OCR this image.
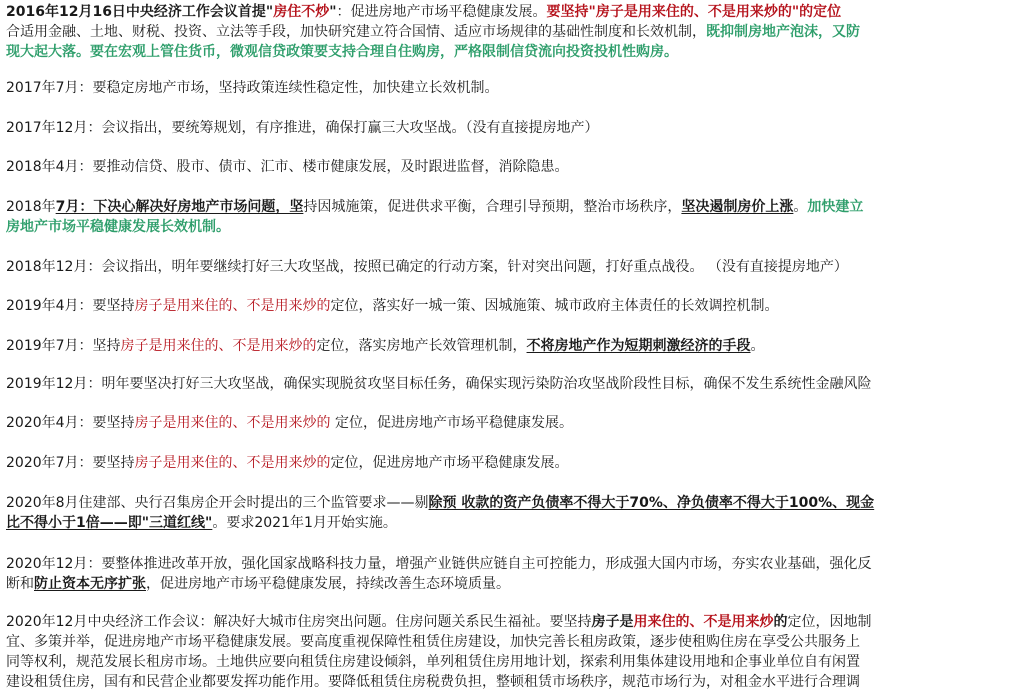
2016年12月16日中央经济工作会议首提"房住不炒"：促进房地产市场平稳健康发展。要坚持"房子是用来住的、不是用来炒的"的定位
合适用金融、土地、财税、投资、立法等手段，加快研究建立符合国情、适应市场规律的基础性制度和长效机制，既抑制房地产泡沫，又防
现大起大落。要在宏观上管住货币，微观信贷政策要支持合理自住购房，严格限制信贷流向投资投机性购房。
2017年7月：要稳定房地产市场，坚持政策连续性稳定性，加快建立长效机制。
2017年12月：会议指出，要统筹规划，有序推进，确保打赢三大攻坚战。（没有直接提房地产）
2018年4月：要推动信贷、股市、债市、汇市、楼市健康发展，及时跟进监督，消除隐患。
2018年7月：下决心解决好房地产市场问题，坚持因城施策，促进供求平衡，合理引导预期，整治市场秩序，坚决遏制房价上涨。加快建立
房地产市场平稳健康发展长效机制。
2018年12月：会议指出，明年要继续打好三大攻坚战，按照已确定的行动方案，针对突出问题，打好重点战役。 （没有直接提房地产）
2019年4月：要坚持房子是用来住的、不是用来炒的定位，落实好一城一策、因城施策、城市政府主体责任的长效调控机制。
2019年7月：坚持房子是用来住的、不是用来炒的定位，落实房地产长效管理机制，不将房地产作为短期刺激经济的手段。
2019年12月：明年要坚决打好三大攻坚战，确保实现脱贫攻坚目标任务，确保实现污染防治攻坚战阶段性目标，确保不发生系统性金融风险
2020年4月：要坚持房子是用来住的、不是用来炒的 定位，促进房地产市场平稳健康发展。
2020年7月：要坚持房子是用来住的、不是用来炒的定位，促进房地产市场平稳健康发展。
2020年8月住建部、央行召集房企开会时提出的三个监管要求——剔除预 收款的资产负债率不得大于70%、净负债率不得大于100%、现金
比不得小于1倍——即"三道红线"。要求2021年1月开始实施。
2020年12月：要整体推进改革开放，强化国家战略科技力量，增强产业链供应链自主可控能力，形成强大国内市场，夯实农业基础，强化反
断和防止资本无序扩张，促进房地产市场平稳健康发展，持续改善生态环境质量。
2020年12月中央经济工作会议：解决好大城市住房突出问题。住房问题关系民生福祉。要坚持房子是用来住的、不是用来炒的定位，因地制
宜、多策并举，促进房地产市场平稳健康发展。要高度重视保障性租赁住房建设，加快完善长租房政策，逐步使租购住房在享受公共服务上
同等权利，规范发展长租房市场。土地供应要向租赁住房建设倾斜，单列租赁住房用地计划，探索利用集体建设用地和企事业单位自有闲置
建设租赁住房，国有和民营企业都要发挥功能作用。要降低租赁住房税费负担，整顿租赁市场秩序，规范市场行为，对租金水平进行合理调
